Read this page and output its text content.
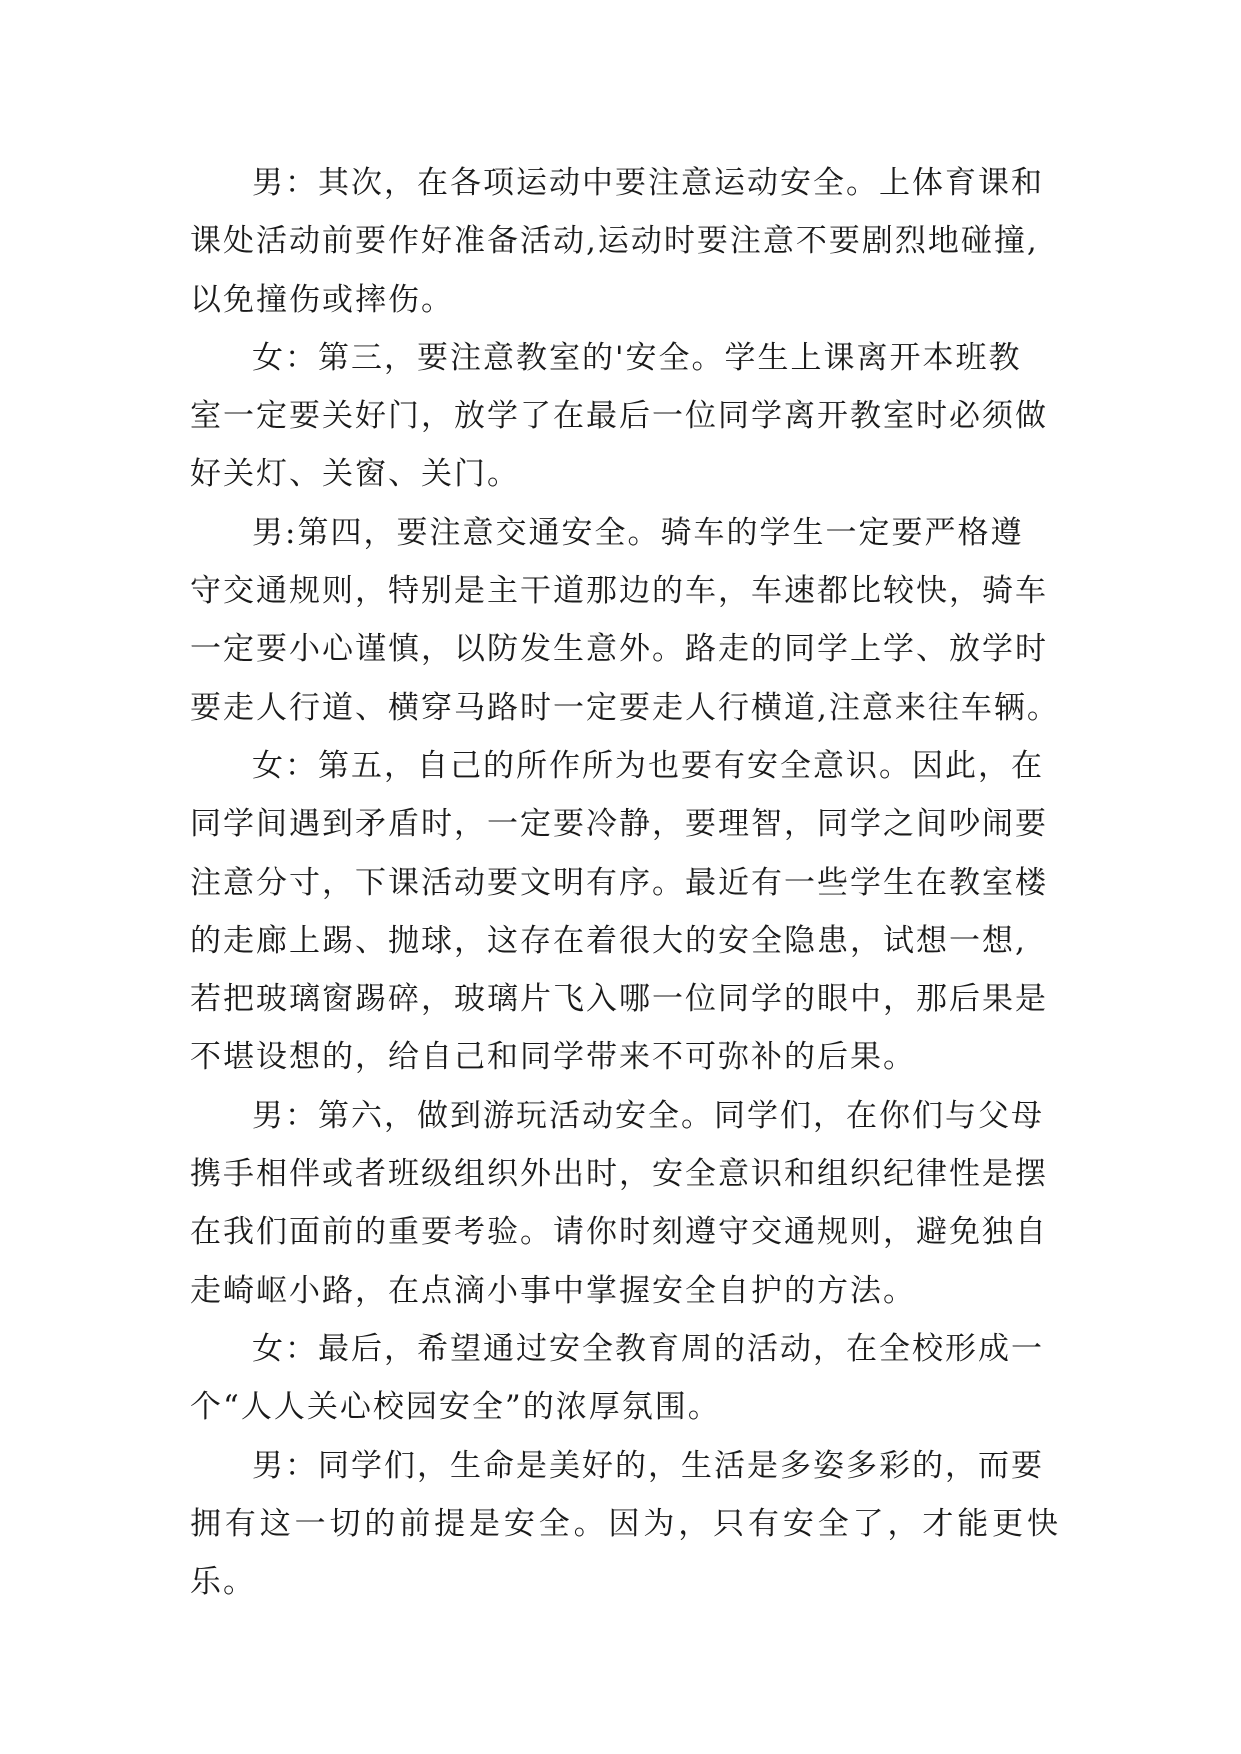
男：其次，在各项运动中要注意运动安全。上体育课和
课处活动前要作好准备活动,运动时要注意不要剧烈地碰撞,
以免撞伤或摔伤。

女：第三，要注意教室的'安全。学生上课离开本班教
室一定要关好门，放学了在最后一位同学离开教室时必须做
好关灯、关窗、关门。

男:第四，要注意交通安全。骑车的学生一定要严格遵
守交通规则，特别是主干道那边的车，车速都比较快，骑车
一定要小心谨慎，以防发生意外。路走的同学上学、放学时
要走人行道、横穿马路时一定要走人行横道,注意来往车辆。

女：第五，自己的所作所为也要有安全意识。因此，在
同学间遇到矛盾时，一定要冷静，要理智，同学之间吵闹要
注意分寸，下课活动要文明有序。最近有一些学生在教室楼
的走廊上踢、抛球，这存在着很大的安全隐患，试想一想,
若把玻璃窗踢碎，玻璃片飞入哪一位同学的眼中，那后果是
不堪设想的，给自己和同学带来不可弥补的后果。

男：第六，做到游玩活动安全。同学们，在你们与父母
携手相伴或者班级组织外出时，安全意识和组织纪律性是摆
在我们面前的重要考验。请你时刻遵守交通规则，避免独自
走崎岖小路，在点滴小事中掌握安全自护的方法。

女：最后，希望通过安全教育周的活动，在全校形成一
个“人人关心校园安全”的浓厚氛围。

男：同学们，生命是美好的，生活是多姿多彩的，而要
拥有这一切的前提是安全。因为，只有安全了，才能更快乐。
